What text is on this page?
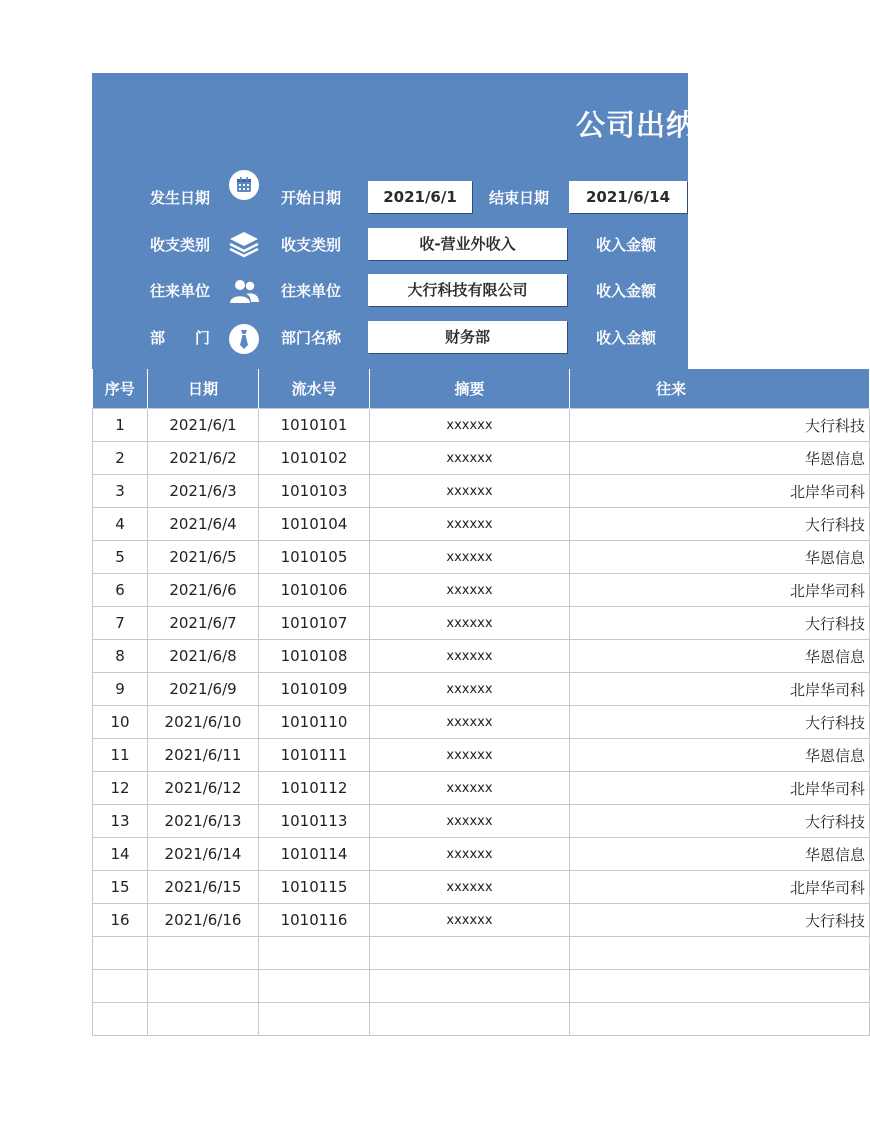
公司出纳
发生日期	开始日期	2021/6/1	结束日期	2021/6/14
收支类别	收支类别	收-营业外收入	收入金额
往来单位	往来单位	大行科技有限公司	收入金额
部　　门	部门名称	财务部	收入金额
序号	日期	流水号	摘要	往来
1	2021/6/1	1010101	xxxxxx	大行科技
2	2021/6/2	1010102	xxxxxx	华恩信息
3	2021/6/3	1010103	xxxxxx	北岸华司科
4	2021/6/4	1010104	xxxxxx	大行科技
5	2021/6/5	1010105	xxxxxx	华恩信息
6	2021/6/6	1010106	xxxxxx	北岸华司科
7	2021/6/7	1010107	xxxxxx	大行科技
8	2021/6/8	1010108	xxxxxx	华恩信息
9	2021/6/9	1010109	xxxxxx	北岸华司科
10	2021/6/10	1010110	xxxxxx	大行科技
11	2021/6/11	1010111	xxxxxx	华恩信息
12	2021/6/12	1010112	xxxxxx	北岸华司科
13	2021/6/13	1010113	xxxxxx	大行科技
14	2021/6/14	1010114	xxxxxx	华恩信息
15	2021/6/15	1010115	xxxxxx	北岸华司科
16	2021/6/16	1010116	xxxxxx	大行科技
